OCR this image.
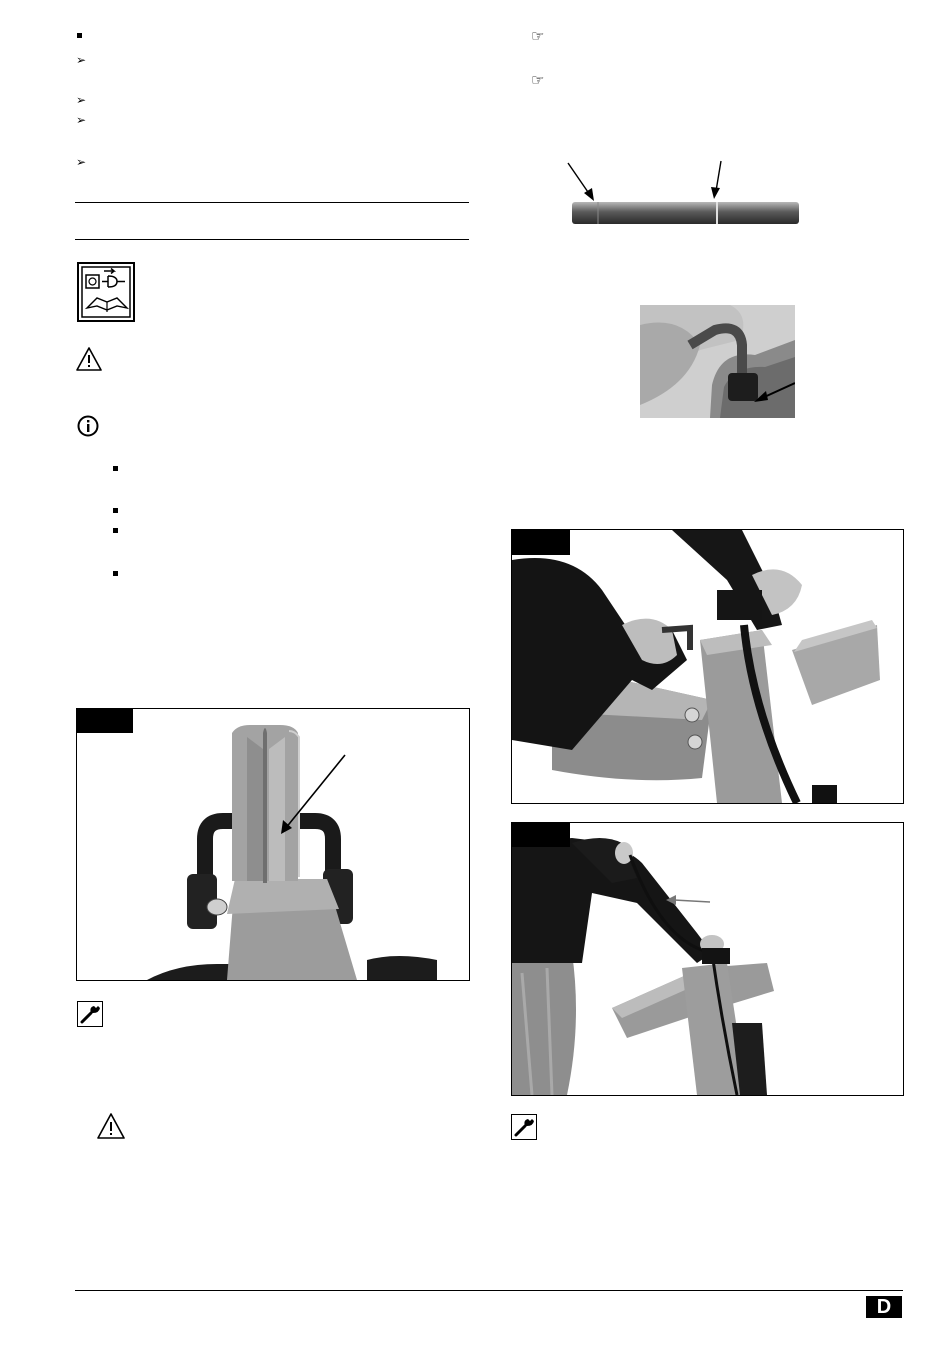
➢
➢
➢
➢
☞
☞
D
